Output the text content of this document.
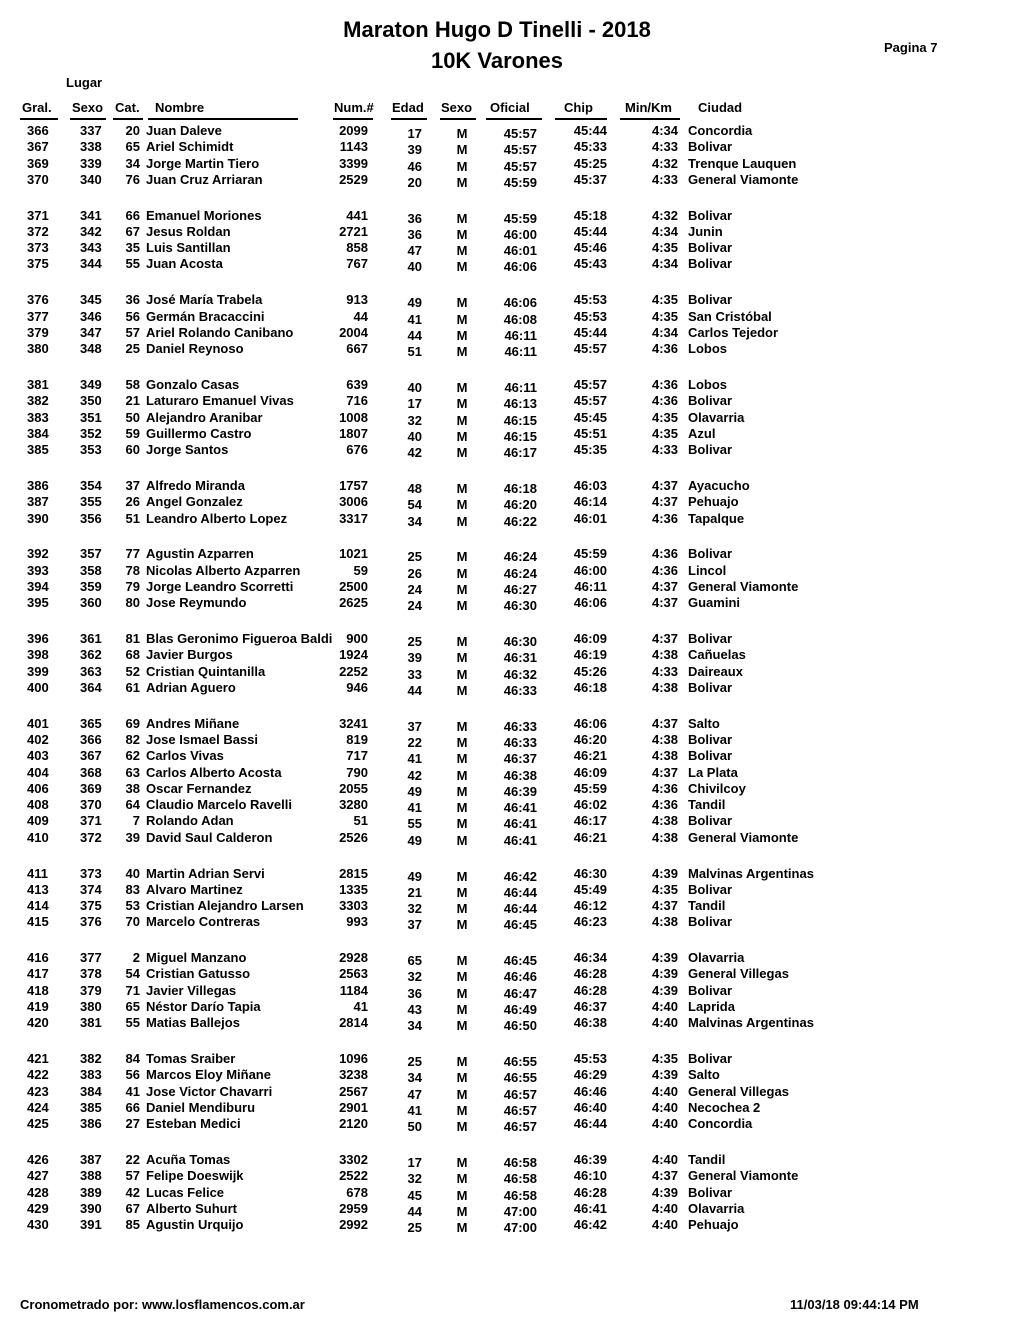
Maraton Hugo D Tinelli - 2018
10K Varones
Pagina 7
Lugar
Gral. Sexo Cat. Nombre	Num.# Edad Sexo Oficial	Chip Min/Km Ciudad
366 337	20 Juan Daleve	2099	17	M	45:57	45:44	4:34 Concordia
367 338	65 Ariel Schimidt	1143	39	M	45:57	45:33	4:33 Bolivar
369 339	34 Jorge Martin Tiero	3399	46	M	45:57	45:25	4:32 Trenque Lauquen
370 340	76 Juan Cruz Arriaran	2529	20	M	45:59	45:37	4:33 General Viamonte
371 341	66 Emanuel Moriones	441	36	M	45:59	45:18	4:32 Bolivar
372 342	67 Jesus Roldan	2721	36	M	46:00	45:44	4:34 Junin
373 343	35 Luis Santillan	858	47	M	46:01	45:46	4:35 Bolivar
375 344	55 Juan Acosta	767	40	M	46:06	45:43	4:34 Bolivar
376 345	36 José María Trabela	913	49	M	46:06	45:53	4:35 Bolivar
377 346	56 Germán Bracaccini	44	41	M	46:08	45:53	4:35 San Cristóbal
379 347	57 Ariel Rolando Canibano	2004	44	M	46:11	45:44	4:34 Carlos Tejedor
380 348	25 Daniel Reynoso	667	51	M	46:11	45:57	4:36 Lobos
381 349	58 Gonzalo Casas	639	40	M	46:11	45:57	4:36 Lobos
382 350	21 Laturaro Emanuel Vivas	716	17	M	46:13	45:57	4:36 Bolivar
383 351	50 Alejandro Aranibar	1008	32	M	46:15	45:45	4:35 Olavarria
384 352	59 Guillermo Castro	1807	40	M	46:15	45:51	4:35 Azul
385 353	60 Jorge Santos	676	42	M	46:17	45:35	4:33 Bolivar
386 354	37 Alfredo Miranda	1757	48	M	46:18	46:03	4:37 Ayacucho
387 355	26 Angel Gonzalez	3006	54	M	46:20	46:14	4:37 Pehuajo
390 356	51 Leandro Alberto Lopez	3317	34	M	46:22	46:01	4:36 Tapalque
392 357	77 Agustin Azparren	1021	25	M	46:24	45:59	4:36 Bolivar
393 358	78 Nicolas Alberto Azparren	59	26	M	46:24	46:00	4:36 Lincol
394 359	79 Jorge Leandro Scorretti	2500	24	M	46:27	46:11	4:37 General Viamonte
395 360	80 Jose Reymundo	2625	24	M	46:30	46:06	4:37 Guamini
396 361	81 Blas Geronimo Figueroa Baldi	900	25	M	46:30	46:09	4:37 Bolivar
398 362	68 Javier Burgos	1924	39	M	46:31	46:19	4:38 Cañuelas
399 363	52 Cristian Quintanilla	2252	33	M	46:32	45:26	4:33 Daireaux
400 364	61 Adrian Aguero	946	44	M	46:33	46:18	4:38 Bolivar
401 365	69 Andres Miñane	3241	37	M	46:33	46:06	4:37 Salto
402 366	82 Jose Ismael Bassi	819	22	M	46:33	46:20	4:38 Bolivar
403 367	62 Carlos Vivas	717	41	M	46:37	46:21	4:38 Bolivar
404 368	63 Carlos Alberto Acosta	790	42	M	46:38	46:09	4:37 La Plata
406 369	38 Oscar Fernandez	2055	49	M	46:39	45:59	4:36 Chivilcoy
408 370	64 Claudio Marcelo Ravelli	3280	41	M	46:41	46:02	4:36 Tandil
409 371	7 Rolando Adan	51	55	M	46:41	46:17	4:38 Bolivar
410 372	39 David Saul Calderon	2526	49	M	46:41	46:21	4:38 General Viamonte
411 373	40 Martin Adrian Servi	2815	49	M	46:42	46:30	4:39 Malvinas Argentinas
413 374	83 Alvaro Martinez	1335	21	M	46:44	45:49	4:35 Bolivar
414 375	53 Cristian Alejandro Larsen	3303	32	M	46:44	46:12	4:37 Tandil
415 376	70 Marcelo Contreras	993	37	M	46:45	46:23	4:38 Bolivar
416 377	2 Miguel Manzano	2928	65	M	46:45	46:34	4:39 Olavarria
417 378	54 Cristian Gatusso	2563	32	M	46:46	46:28	4:39 General Villegas
418 379	71 Javier Villegas	1184	36	M	46:47	46:28	4:39 Bolivar
419 380	65 Néstor Darío Tapia	41	43	M	46:49	46:37	4:40 Laprida
420 381	55 Matias Ballejos	2814	34	M	46:50	46:38	4:40 Malvinas Argentinas
421 382	84 Tomas Sraiber	1096	25	M	46:55	45:53	4:35 Bolivar
422 383	56 Marcos Eloy Miñane	3238	34	M	46:55	46:29	4:39 Salto
423 384	41 Jose Victor Chavarri	2567	47	M	46:57	46:46	4:40 General Villegas
424 385	66 Daniel Mendiburu	2901	41	M	46:57	46:40	4:40 Necochea 2
425 386	27 Esteban Medici	2120	50	M	46:57	46:44	4:40 Concordia
426 387	22 Acuña Tomas	3302	17	M	46:58	46:39	4:40 Tandil
427 388	57 Felipe Doeswijk	2522	32	M	46:58	46:10	4:37 General Viamonte
428 389	42 Lucas Felice	678	45	M	46:58	46:28	4:39 Bolivar
429 390	67 Alberto Suhurt	2959	44	M	47:00	46:41	4:40 Olavarria
430 391	85 Agustin Urquijo	2992	25	M	47:00	46:42	4:40 Pehuajo
Cronometrado por: www.losflamencos.com.ar	11/03/18 09:44:14 PM
